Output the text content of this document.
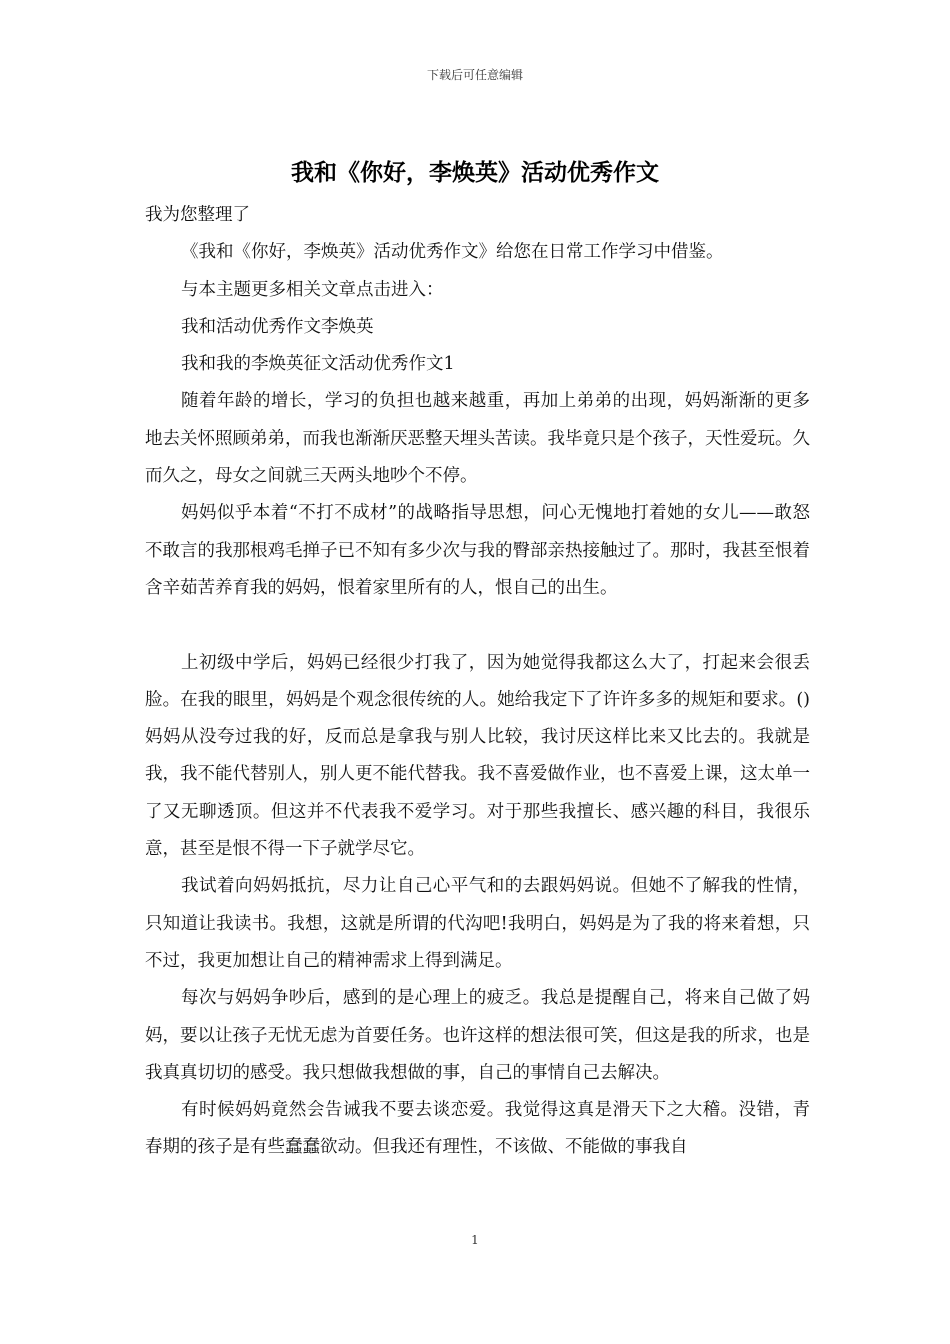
下载后可任意编辑
我和《你好，李焕英》活动优秀作文

我为您整理了

《我和《你好，李焕英》活动优秀作文》给您在日常工作学习中借鉴。

与本主题更多相关文章点击进入：

我和活动优秀作文李焕英

我和我的李焕英征文活动优秀作文1

随着年龄的增长，学习的负担也越来越重，再加上弟弟的出现，妈妈渐渐的更多地去关怀照顾弟弟，而我也渐渐厌恶整天埋头苦读。我毕竟只是个孩子，天性爱玩。久而久之，母女之间就三天两头地吵个不停。

妈妈似乎本着“不打不成材”的战略指导思想，问心无愧地打着她的女儿——敢怒不敢言的我那根鸡毛掸子已不知有多少次与我的臀部亲热接触过了。那时，我甚至恨着含辛茹苦养育我的妈妈，恨着家里所有的人，恨自己的出生。

上初级中学后，妈妈已经很少打我了，因为她觉得我都这么大了，打起来会很丢脸。在我的眼里，妈妈是个观念很传统的人。她给我定下了许许多多的规矩和要求。()妈妈从没夸过我的好，反而总是拿我与别人比较，我讨厌这样比来又比去的。我就是我，我不能代替别人，别人更不能代替我。我不喜爱做作业，也不喜爱上课，这太单一了又无聊透顶。但这并不代表我不爱学习。对于那些我擅长、感兴趣的科目，我很乐意，甚至是恨不得一下子就学尽它。

我试着向妈妈抵抗，尽力让自己心平气和的去跟妈妈说。但她不了解我的性情，只知道让我读书。我想，这就是所谓的代沟吧!我明白，妈妈是为了我的将来着想，只不过，我更加想让自己的精神需求上得到满足。

每次与妈妈争吵后，感到的是心理上的疲乏。我总是提醒自己，将来自己做了妈妈，要以让孩子无忧无虑为首要任务。也许这样的想法很可笑，但这是我的所求，也是我真真切切的感受。我只想做我想做的事，自己的事情自己去解决。

有时候妈妈竟然会告诫我不要去谈恋爱。我觉得这真是滑天下之大稽。没错，青春期的孩子是有些蠢蠢欲动。但我还有理性，不该做、不能做的事我自

1
